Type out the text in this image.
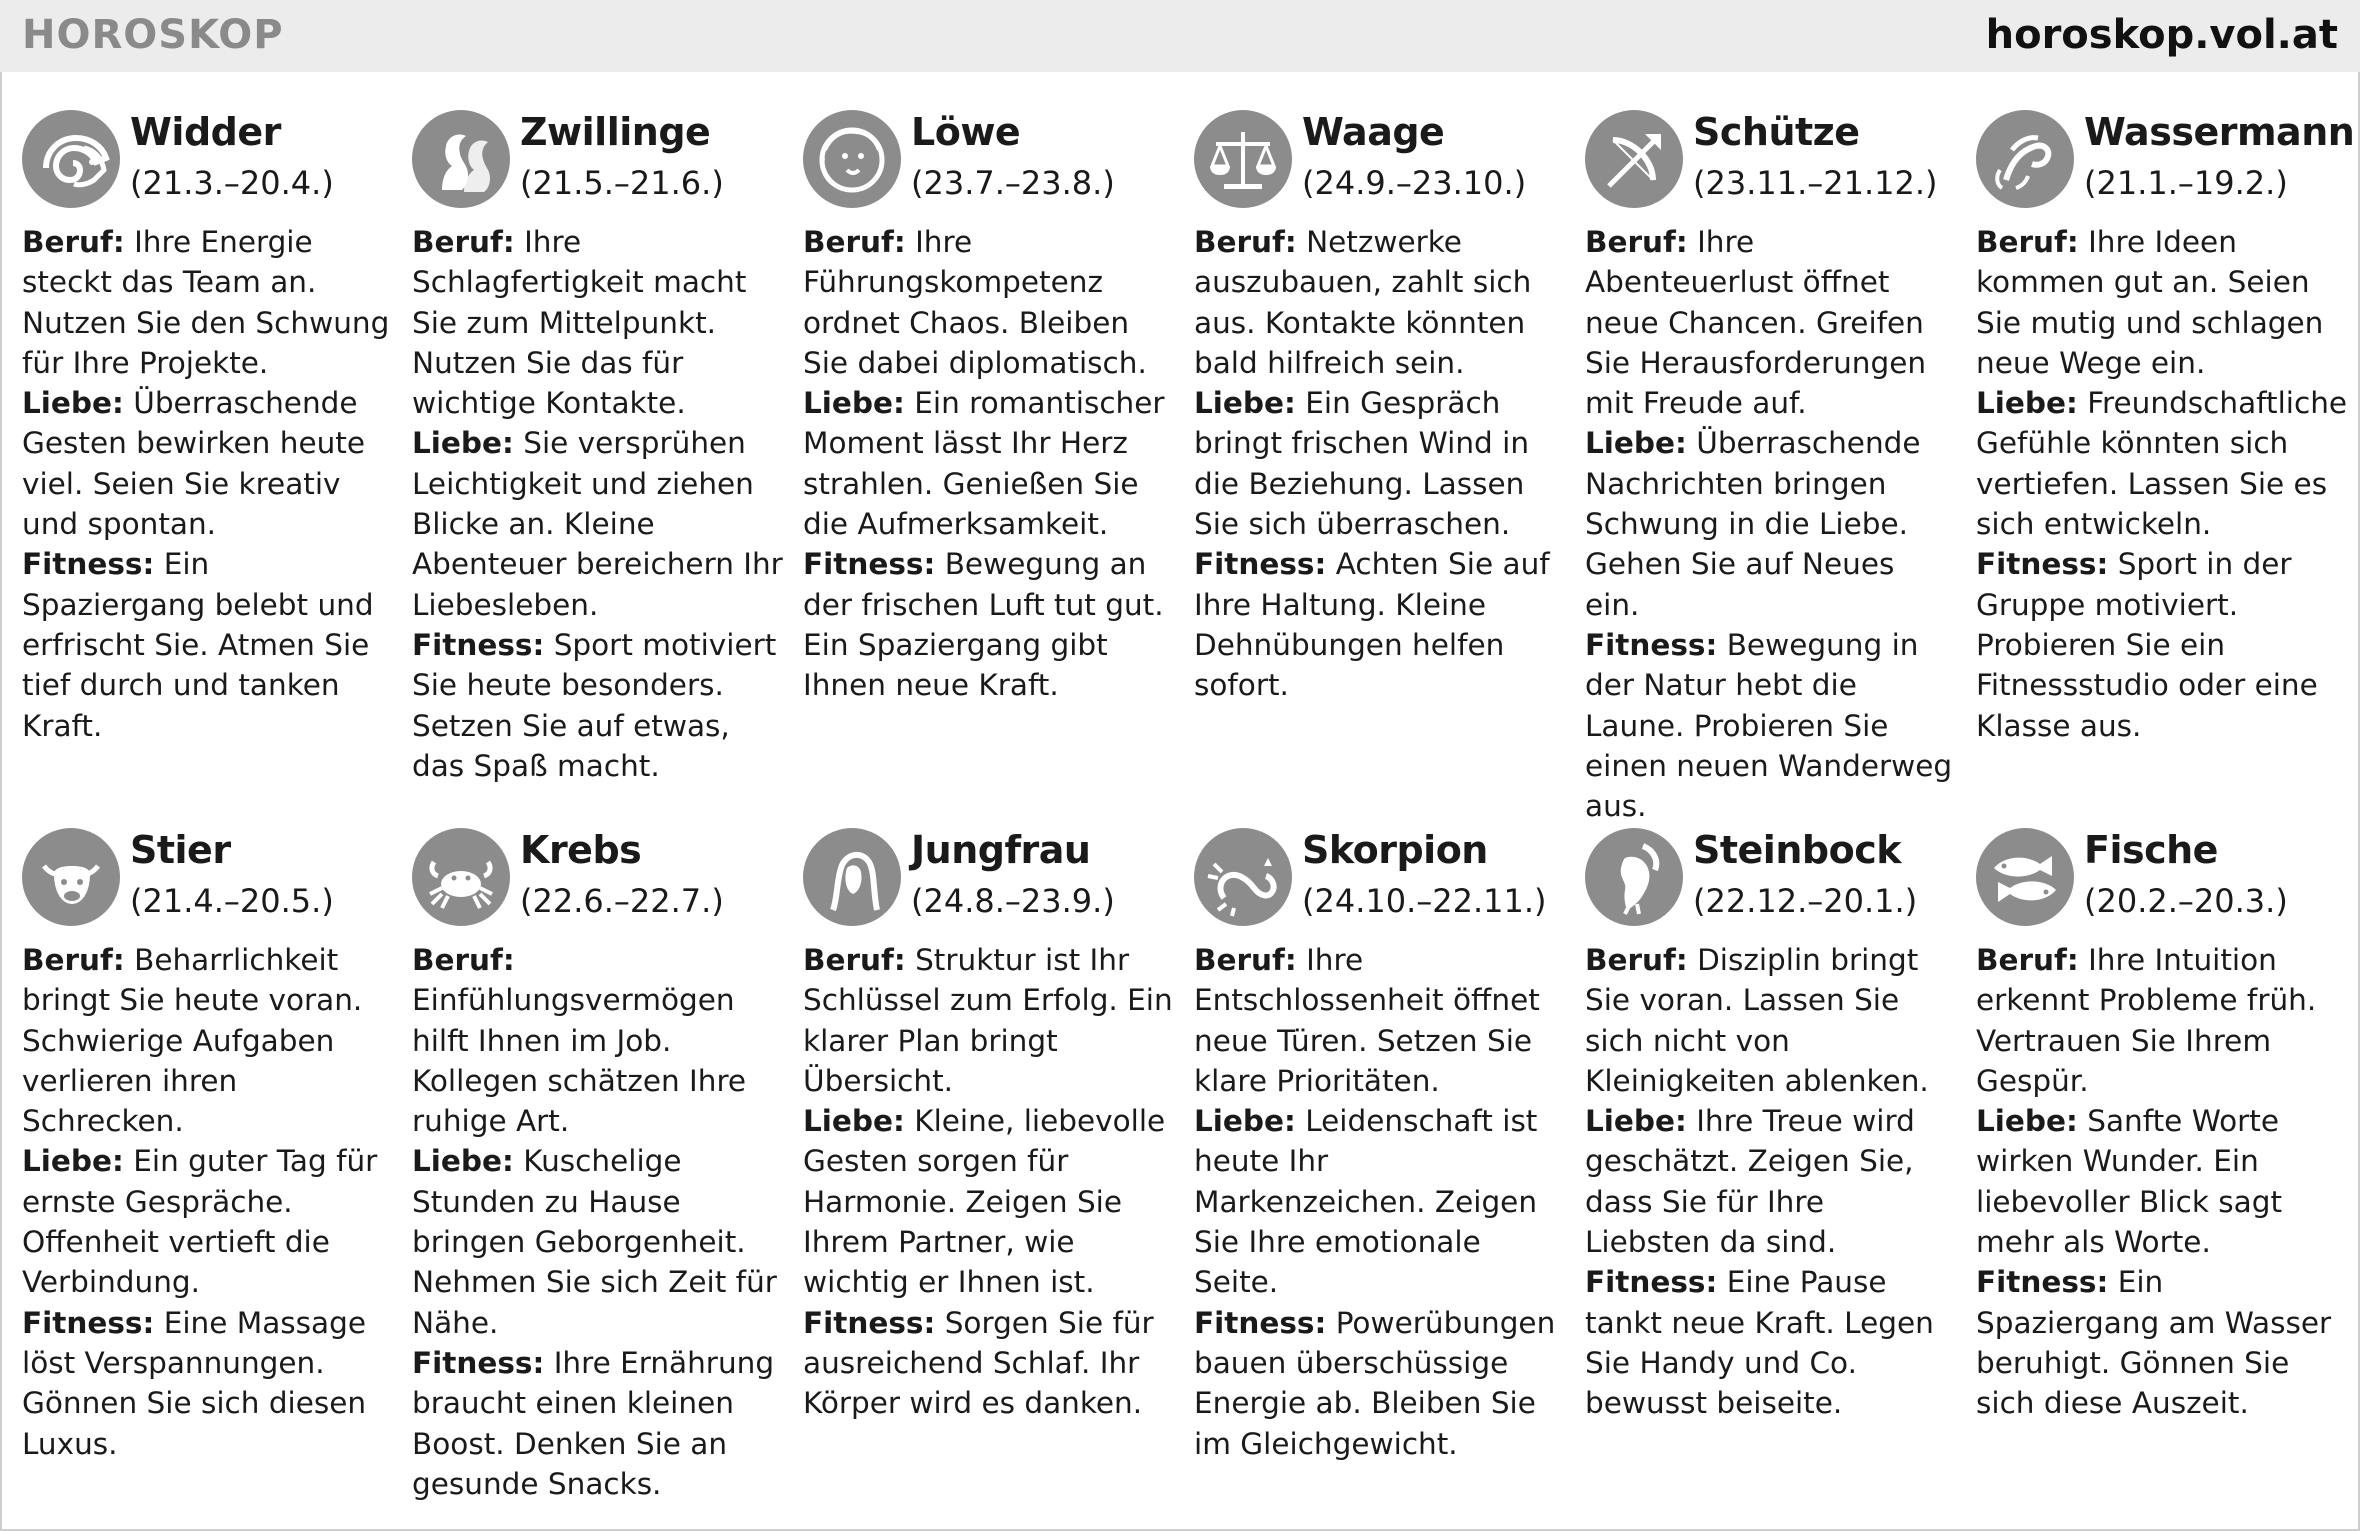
HOROSKOP	horoskop.vol.at
Widder
(21.3.–20.4.)

Beruf: Ihre Energie steckt das Team an. Nutzen Sie den Schwung für Ihre Projekte.

Liebe: Überraschende Gesten bewirken heute viel. Seien Sie kreativ und spontan.

Fitness: Ein Spaziergang belebt und erfrischt Sie. Atmen Sie tief durch und tanken Kraft.

Zwillinge
(21.5.–21.6.)

Beruf: Ihre Schlagfertigkeit macht Sie zum Mittelpunkt. Nutzen Sie das für wichtige Kontakte.

Liebe: Sie versprühen Leichtigkeit und ziehen Blicke an. Kleine Abenteuer bereichern Ihr Liebesleben.

Fitness: Sport motiviert Sie heute besonders. Setzen Sie auf etwas, das Spaß macht.

Löwe
(23.7.–23.8.)

Beruf: Ihre Führungskompetenz ordnet Chaos. Bleiben Sie dabei diplomatisch.

Liebe: Ein romantischer Moment lässt Ihr Herz strahlen. Genießen Sie die Aufmerksamkeit.

Fitness: Bewegung an der frischen Luft tut gut. Ein Spaziergang gibt Ihnen neue Kraft.

Waage
(24.9.–23.10.)

Beruf: Netzwerke auszubauen, zahlt sich aus. Kontakte könnten bald hilfreich sein.

Liebe: Ein Gespräch bringt frischen Wind in die Beziehung. Lassen Sie sich überraschen.

Fitness: Achten Sie auf Ihre Haltung. Kleine Dehnübungen helfen sofort.

Schütze
(23.11.–21.12.)

Beruf: Ihre Abenteuerlust öffnet neue Chancen. Greifen Sie Herausforderungen mit Freude auf.

Liebe: Überraschende Nachrichten bringen Schwung in die Liebe. Gehen Sie auf Neues ein.

Fitness: Bewegung in der Natur hebt die Laune. Probieren Sie einen neuen Wanderweg aus.

Wassermann
(21.1.–19.2.)

Beruf: Ihre Ideen kommen gut an. Seien Sie mutig und schlagen neue Wege ein.

Liebe: Freundschaftliche Gefühle könnten sich vertiefen. Lassen Sie es sich entwickeln.

Fitness: Sport in der Gruppe motiviert. Probieren Sie ein Fitnessstudio oder eine Klasse aus.

Stier
(21.4.–20.5.)

Beruf: Beharrlichkeit bringt Sie heute voran. Schwierige Aufgaben verlieren ihren Schrecken.

Liebe: Ein guter Tag für ernste Gespräche. Offenheit vertieft die Verbindung.

Fitness: Eine Massage löst Verspannungen. Gönnen Sie sich diesen Luxus.

Krebs
(22.6.–22.7.)

Beruf: Einfühlungsvermögen hilft Ihnen im Job. Kollegen schätzen Ihre ruhige Art.

Liebe: Kuschelige Stunden zu Hause bringen Geborgenheit. Nehmen Sie sich Zeit für Nähe.

Fitness: Ihre Ernährung braucht einen kleinen Boost. Denken Sie an gesunde Snacks.

Jungfrau
(24.8.–23.9.)

Beruf: Struktur ist Ihr Schlüssel zum Erfolg. Ein klarer Plan bringt Übersicht.

Liebe: Kleine, liebevolle Gesten sorgen für Harmonie. Zeigen Sie Ihrem Partner, wie wichtig er Ihnen ist.

Fitness: Sorgen Sie für ausreichend Schlaf. Ihr Körper wird es danken.

Skorpion
(24.10.–22.11.)

Beruf: Ihre Entschlossenheit öffnet neue Türen. Setzen Sie klare Prioritäten.

Liebe: Leidenschaft ist heute Ihr Markenzeichen. Zeigen Sie Ihre emotionale Seite.

Fitness: Powerübungen bauen überschüssige Energie ab. Bleiben Sie im Gleichgewicht.

Steinbock
(22.12.–20.1.)

Beruf: Disziplin bringt Sie voran. Lassen Sie sich nicht von Kleinigkeiten ablenken.

Liebe: Ihre Treue wird geschätzt. Zeigen Sie, dass Sie für Ihre Liebsten da sind.

Fitness: Eine Pause tankt neue Kraft. Legen Sie Handy und Co. bewusst beiseite.

Fische
(20.2.–20.3.)

Beruf: Ihre Intuition erkennt Probleme früh. Vertrauen Sie Ihrem Gespür.

Liebe: Sanfte Worte wirken Wunder. Ein liebevoller Blick sagt mehr als Worte.

Fitness: Ein Spaziergang am Wasser beruhigt. Gönnen Sie sich diese Auszeit.
